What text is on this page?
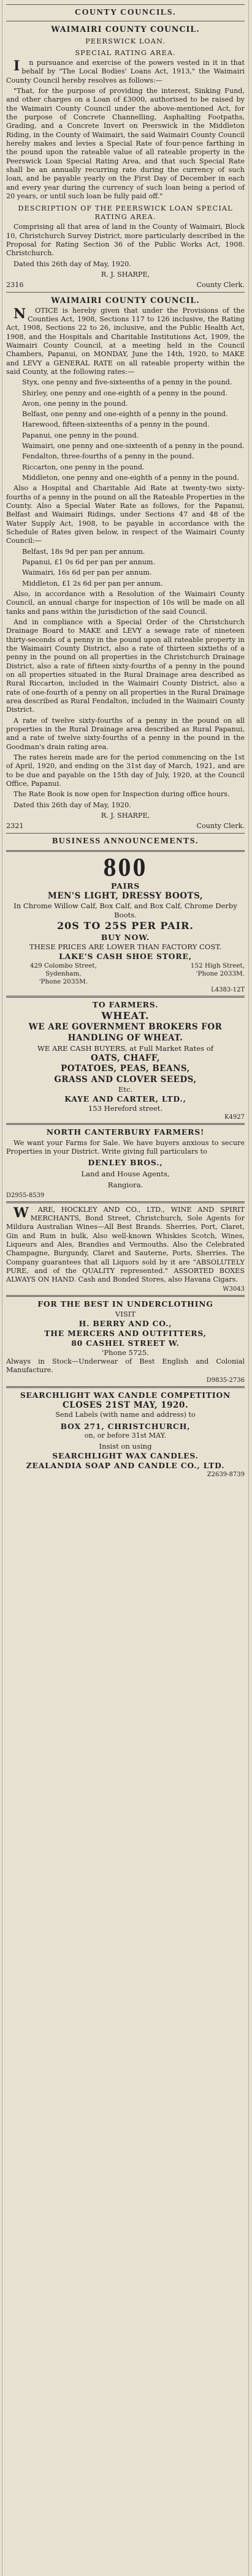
COUNTY COUNCILS.
WAIMAIRI COUNTY COUNCIL.
PEERSWICK LOAN.
SPECIAL RATING AREA.

In pursuance and exercise of the powers vested in it in that behalf by "The Local Bodies' Loans Act, 1913," the Waimairi County Council hereby resolves as follows:—

"That, for the purpose of providing the interest, Sinking Fund, and other charges on a Loan of £3000, authorised to be raised by the Waimairi County Council under the above-mentioned Act, for the purpose of Concrete Channelling, Asphalting Footpaths, Grading, and a Concrete Invert on Peerswick in the Middleton Riding, in the County of Waimairi, the said Waimairi County Council hereby makes and levies a Special Rate of four-pence farthing in the pound upon the rateable value of all rateable property in the Peerswick Loan Special Rating Area, and that such Special Rate shall be an annually recurring rate during the currency of such loan, and be payable yearly on the First Day of December in each and every year during the currency of such loan being a period of 20 years, or until such loan be fully paid off."

DESCRIPTION OF THE PEERSWICK LOAN SPECIAL RATING AREA.

Comprising all that area of land in the County of Waimairi, Block 10, Christchurch Survey District, more particularly described in the Proposal for Rating Section 36 of the Public Works Act, 1908. Christchurch.

Dated this 26th day of May, 1920.

R. J. SHARPE,

2316	County Clerk.
WAIMAIRI COUNTY COUNCIL.

NOTICE is hereby given that under the Provisions of the Counties Act, 1908, Sections 117 to 126 inclusive, the Rating Act, 1908, Sections 22 to 26, inclusive, and the Public Health Act, 1908, and the Hospitals and Charitable Institutions Act, 1909, the Waimairi County Council, at a meeting held in the Council Chambers, Papanui, on MONDAY, June the 14th, 1920, to MAKE and LEVY a GENERAL RATE on all rateable property within the said County, at the following rates:—

Styx, one penny and five-sixteenths of a penny in the pound.

Shirley, one penny and one-eighth of a penny in the pound.

Avon, one penny in the pound.

Belfast, one penny and one-eighth of a penny in the pound.

Harewood, fifteen-sixteenths of a penny in the pound.

Papanui, one penny in the pound.

Waimairi, one penny and one-sixteenth of a penny in the pound.

Fendalton, three-fourths of a penny in the pound.

Riccarton, one penny in the pound.

Middleton, one penny and one-eighth of a penny in the pound.

Also a Hospital and Charitable Aid Rate at twenty-two sixty-fourths of a penny in the pound on all the Rateable Properties in the County. Also a Special Water Rate as follows, for the Papanui, Belfast and Waimairi Ridings, under Sections 47 and 48 of the Water Supply Act, 1908, to be payable in accordance with the Schedule of Rates given below, in respect of the Waimairi County Council:—

Belfast, 18s 9d per pan per annum.

Papanui, £1 0s 6d per pan per annum.

Waimairi, 16s 6d per pan per annum.

Middleton, £1 2s 6d per pan per annum.

Also, in accordance with a Resolution of the Waimairi County Council, an annual charge for inspection of 10s will be made on all tanks and pans within the jurisdiction of the said Council.

And in compliance with a Special Order of the Christchurch Drainage Board to MAKE and LEVY a sewage rate of nineteen thirty-seconds of a penny in the pound upon all rateable property in the Waimairi County District, also a rate of thirteen sixtieths of a penny in the pound on all properties in the Christchurch Drainage District, also a rate of fifteen sixty-fourths of a penny in the pound on all properties situated in the Rural Drainage area described as Rural Riccarton, included in the Waimairi County District, also a rate of one-fourth of a penny on all properties in the Rural Drainage area described as Rural Fendalton, included in the Waimairi County District.

A rate of twelve sixty-fourths of a penny in the pound on all properties in the Rural Drainage area described as Rural Papanui, and a rate of twelve sixty-fourths of a penny in the pound in the Goodman's drain rating area.

The rates herein made are for the period commencing on the 1st of April, 1920, and ending on the 31st day of March, 1921, and are to be due and payable on the 15th day of July, 1920, at the Council Office, Papanui.

The Rate Book is now open for Inspection during office hours.

Dated this 26th day of May, 1920.

R. J. SHARPE,

2321	County Clerk.
BUSINESS ANNOUNCEMENTS.
800
PAIRS
MEN'S LIGHT, DRESSY BOOTS,
In Chrome Willow Calf, Box Calf, and Box Calf, Chrome Derby Boots.
20S TO 25S PER PAIR.
BUY NOW.
THESE PRICES ARE LOWER THAN FACTORY COST.
LAKE'S CASH SHOE STORE,
429 Colombo Street,
Sydenham,
'Phone 2035M.
152 High Street,
'Phone 2033M.
L4383-12T
TO FARMERS.
WHEAT.
WE ARE GOVERNMENT BROKERS FOR HANDLING OF WHEAT.
WE ARE CASH BUYERS, at Full Market Rates of
OATS, CHAFF,
POTATOES, PEAS, BEANS,
GRASS AND CLOVER SEEDS,
Etc.
KAYE AND CARTER, LTD.,
153 Hereford street.
K4927
NORTH CANTERBURY FARMERS!

We want your Farms for Sale. We have buyers anxious to secure Properties in your District. Write giving full particulars to

DENLEY BROS.,
Land and House Agents,
Rangiora.
D2955-8539

WARE, HOCKLEY AND CO., LTD., WINE AND SPIRIT MERCHANTS, Bond Street, Christchurch, Sole Agents for Mildura Australian Wines—All Best Brands. Sherries, Port, Claret, Gin and Rum in bulk, Also well-known Whiskies Scotch, Wines, Liqueurs and Ales, Brandies and Vermouths. Also the Celebrated Champagne, Burgundy, Claret and Sauterne, Ports, Sherries. The Company guarantees that all Liquors sold by it are "ABSOLUTELY PURE, and of the QUALITY represented." ASSORTED BOXES ALWAYS ON HAND. Cash and Bonded Stores, also Havana Cigars.

W3043
FOR THE BEST IN UNDERCLOTHING
VISIT
H. BERRY AND CO.,
THE MERCERS AND OUTFITTERS,
80 CASHEL STREET W.
'Phone 5725.

Always in Stock—Underwear of Best English and Colonial Manufacture.

D9835-2736
SEARCHLIGHT WAX CANDLE COMPETITION
CLOSES 21ST MAY, 1920.

Send Labels (with name and address) to

BOX 271, CHRISTCHURCH,

on, or before 31st MAY.

Insist on using
SEARCHLIGHT WAX CANDLES.
ZEALANDIA SOAP AND CANDLE CO., LTD.
Z2639-8739
